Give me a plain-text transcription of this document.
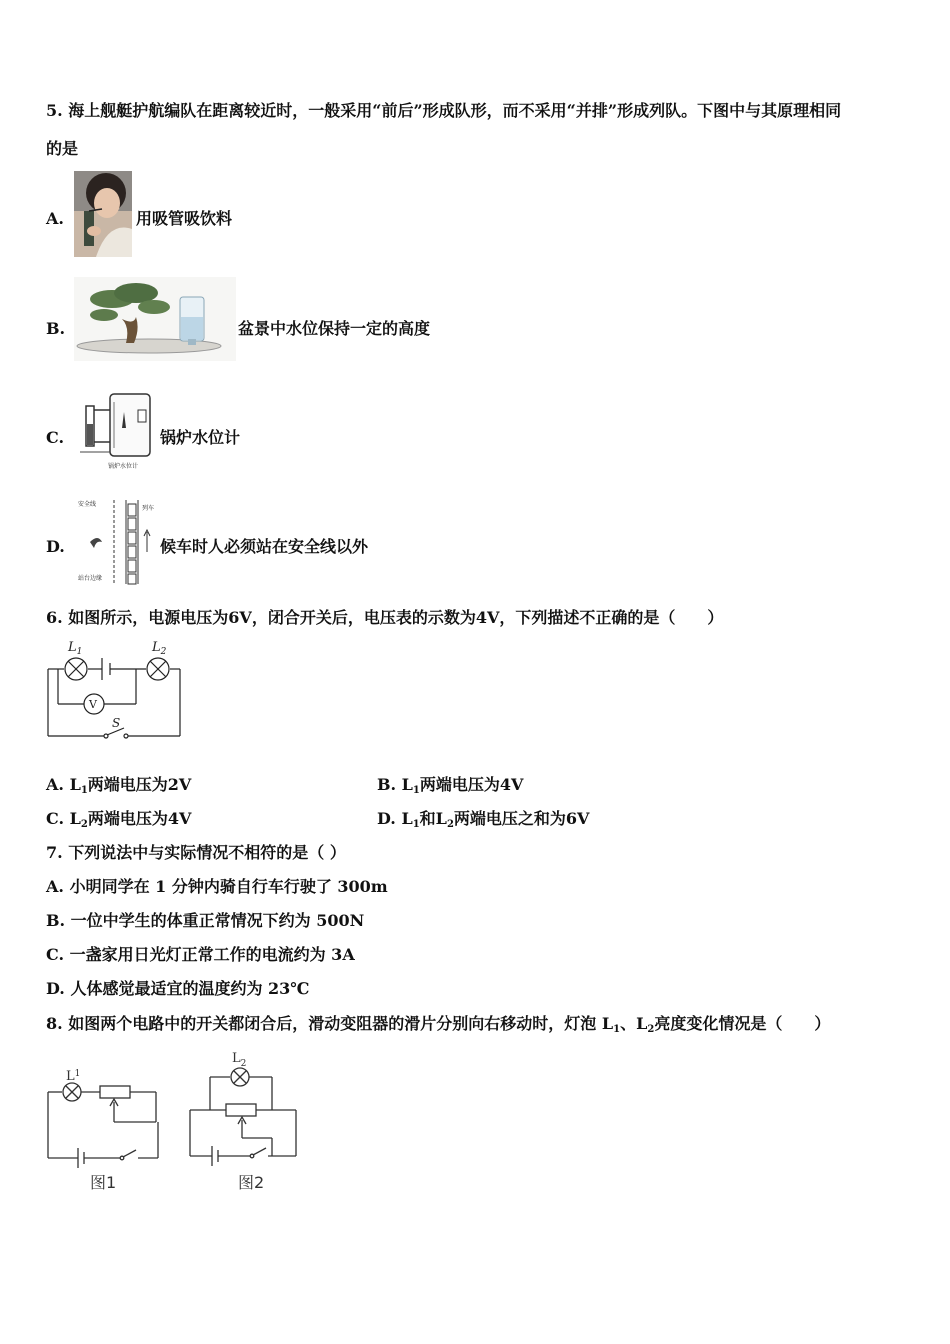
5. 海上舰艇护航编队在距离较近时，一般采用“前后”形成队形，而不采用“并排”形成列队。下图中与其原理相同
的是
A.	用吸管吸饮料
B.	盆景中水位保持一定的高度
C.
锅炉水位计
锅炉水位计
D.
安全线
列车
站台边缘
候车时人必须站在安全线以外
6. 如图所示，电源电压为6V，闭合开关后，电压表的示数为4V，下列描述不正确的是（　　）
$L_1$	$L_2$
V
S
A. $L_1$两端电压为2V	B. $L_1$两端电压为4V
C. $L_2$两端电压为4V	D. $L_1$和$L_2$两端电压之和为6V
7. 下列说法中与实际情况不相符的是（ ）
A. 小明同学在 1 分钟内骑自行车行驶了 300m
B. 一位中学生的体重正常情况下约为 500N
C. 一盏家用日光灯正常工作的电流约为 3A
D. 人体感觉最适宜的温度约为 23℃
8. 如图两个电路中的开关都闭合后，滑动变阻器的滑片分别向右移动时，灯泡 $L_1$、$L_2$亮度变化情况是（　　）
$L^1$
图1
$L_2$
图2
